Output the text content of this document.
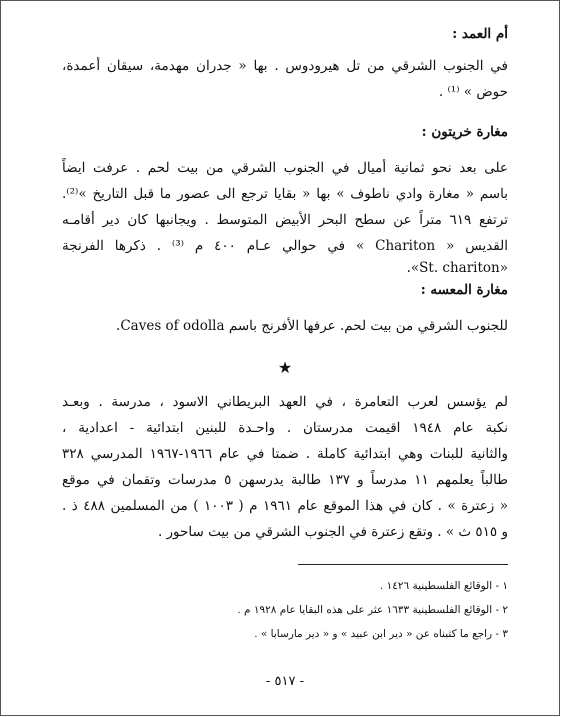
أم العمد :
في الجنوب الشرقي من تل هيرودوس . بها « جدران مهدمة، سيقان أعمدة،
حوض » ⁽¹⁾ .
مغارة خريتون :
على بعد نحو ثمانية أميال في الجنوب الشرقي من بيت لحم . عرفت ايضاً
باسم « مغارة وادي ناطوف » بها « بقايا ترجع الى عصور ما قبل التاريخ »⁽²⁾.
ترتفع ٦١٩ متراً عن سطح البحر الأبيض المتوسط . ويجانبها كان دير أقامـه
القديس « Chariton » في حوالي عـام ٤٠٠ م ⁽³⁾ . ذكرها الفرنجة
«St. chariton».
مغارة المعسه :
للجنوب الشرقي من بيت لحم. عرفها الأفرنج باسم Caves of odolla.
★
لم يؤسس لعرب التعامرة ، في العهد البريطاني الاسود ، مدرسة . وبعـد
نكبة عام ١٩٤٨ اقيمت مدرستان . واحـدة للبنين ابتدائية - اعدادية ،
والثانية للبنات وهي ابتدائية كاملة . ضمتا في عام ١٩٦٦-١٩٦٧ المدرسي ٣٢٨
طالباً يعلمهم ١١ مدرساً و ١٣٧ طالبة يدرسهن ٥ مدرسات وتقمان في موقع
« زعترة » . كان في هذا الموقع عام ١٩٦١ م ( ١٠٠٣ ) من المسلمين ٤٨٨ ذ .
و ٥١٥ ث » . وتقع زعترة في الجنوب الشرقي من بيت ساحور .
١ - الوقائع الفلسطينية ١٤٢٦ .
٢ - الوقائع الفلسطينية ١٦٣٣ عثر على هذه البقايا عام ١٩٢٨ م .
٣ - راجع ما كتبناه عن « دير ابن عبيد » و « دير مارسابا » .
- ٥١٧ -
